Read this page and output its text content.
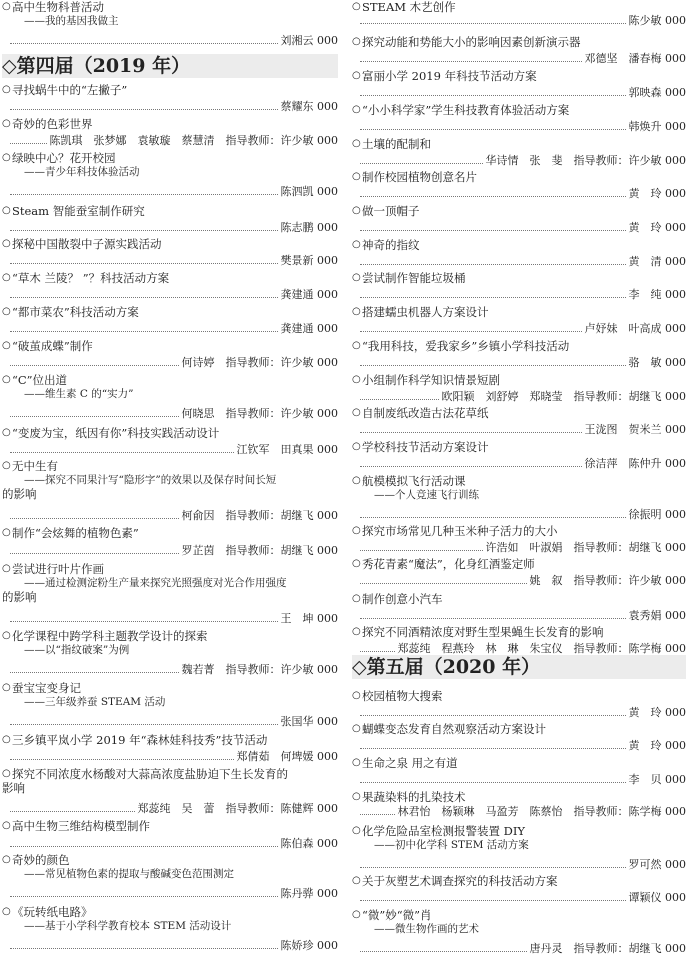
○ 高中生物科普活动
——我的基因我做主
刘湘云 000
◇第四届（2019 年）
○ 寻找蜗牛中的“左撇子”
蔡耀东 000
○ 奇妙的色彩世界
陈凯琪　张梦娜　袁敏璇　蔡慧清　指导教师：许少敏 000
○ 绿映中心？花开校园
——青少年科技体验活动
陈泗凯 000
○ Steam 智能蚕室制作研究
陈志鹏 000
○ 探秘中国散裂中子源实践活动
樊景新 000
○ “草木 兰陵？ ”？科技活动方案
龚建通 000
○ “都市菜农”科技活动方案
龚建通 000
○ “破茧成蝶”制作
何诗婷　指导教师：许少敏 000
○ “C”位出道
——维生素 C 的“实力”
何晓思　指导教师：许少敏 000
○ “变废为宝，纸因有你”科技实践活动设计
江钦军　田真果 000
○ 无中生有
——探究不同果汁写“隐形字”的效果以及保存时间长短
的影响
柯俞因　指导教师：胡继飞 000
○ 制作“会炫舞的植物色素”
罗芷茵　指导教师：胡继飞 000
○ 尝试进行叶片作画
——通过检测淀粉生产量来探究光照强度对光合作用强度
的影响
王　坤 000
○ 化学课程中跨学科主题教学设计的探索
——以“指纹破案”为例
魏若菁　指导教师：许少敏 000
○ 蚕宝宝变身记
——三年级养蚕 STEAM 活动
张国华 000
○ 三乡镇平岚小学 2019 年“森林娃科技秀”技节活动
郑倩茹　何埤媛 000
○ 探究不同浓度水杨酸对大蒜高浓度盐胁迫下生长发育的
影响
郑蕊纯　吴　蕾　指导教师：陈健辉 000
○ 高中生物三维结构模型制作
陈伯森 000
○ 奇妙的颜色
——常见植物色素的提取与酸碱变色范围测定
陈丹骅 000
○ 《玩转纸电路》
——基于小学科学教育校本 STEM 活动设计
陈娇珍 000
○ STEAM 木艺创作
陈少敏 000
◇第五届（2020 年）
○ 探究动能和势能大小的影响因素创新演示器
邓德坚　潘春梅 000
○ 富丽小学 2019 年科技节活动方案
郭映森 000
○ “小小科学家”学生科技教育体验活动方案
韩焕升 000
○ 土壤的配制和
华诗情　张　斐　指导教师：许少敏 000
○ 制作校园植物创意名片
黄　玲 000
○ 做一顶帽子
黄　玲 000
○ 神奇的指纹
黄　清 000
○ 尝试制作智能垃圾桶
李　纯 000
○ 搭建蠕虫机器人方案设计
卢妤妹　叶高成 000
○ “我用科技，爱我家乡”乡镇小学科技活动
骆　敏 000
○ 小组制作科学知识情景短剧
欧阳颖　刘舒婷　郑晓莹　指导教师：胡继飞 000
○ 自制废纸改造古法花草纸
王泷图　贺米兰 000
○ 学校科技节活动方案设计
徐洁萍　陈仲升 000
○ 航模模拟飞行活动课
——个人竞速飞行训练
徐振明 000
○ 探究市场常见几种玉米种子活力的大小
许浩如　叶淑娟　指导教师：胡继飞 000
○ 秀花青素“魔法”，化身红酒鉴定师
姚　叙　指导教师：许少敏 000
○ 制作创意小汽车
袁秀娟 000
○ 探究不同酒精浓度对野生型果蝇生长发育的影响
郑蕊纯　程燕玲　林　琳　朱宝仪　指导教师：陈学梅 000
○ 校园植物大搜索
黄　玲 000
○ 蝴蝶变态发育自然观察活动方案设计
黄　玲 000
○ 生命之泉 用之有道
李　贝 000
○ 果蔬染料的扎染技术
林君怡　杨颖琳　马盈芳　陈蔡怡　指导教师：陈学梅 000
○ 化学危险品室检测报警装置 DIY
——初中化学科 STEM 活动方案
罗可然 000
○ 关于灰塑艺术调查探究的科技活动方案
谭颖仪 000
○ “微”妙“微”肖
——微生物作画的艺术
唐丹灵　指导教师：胡继飞 000
